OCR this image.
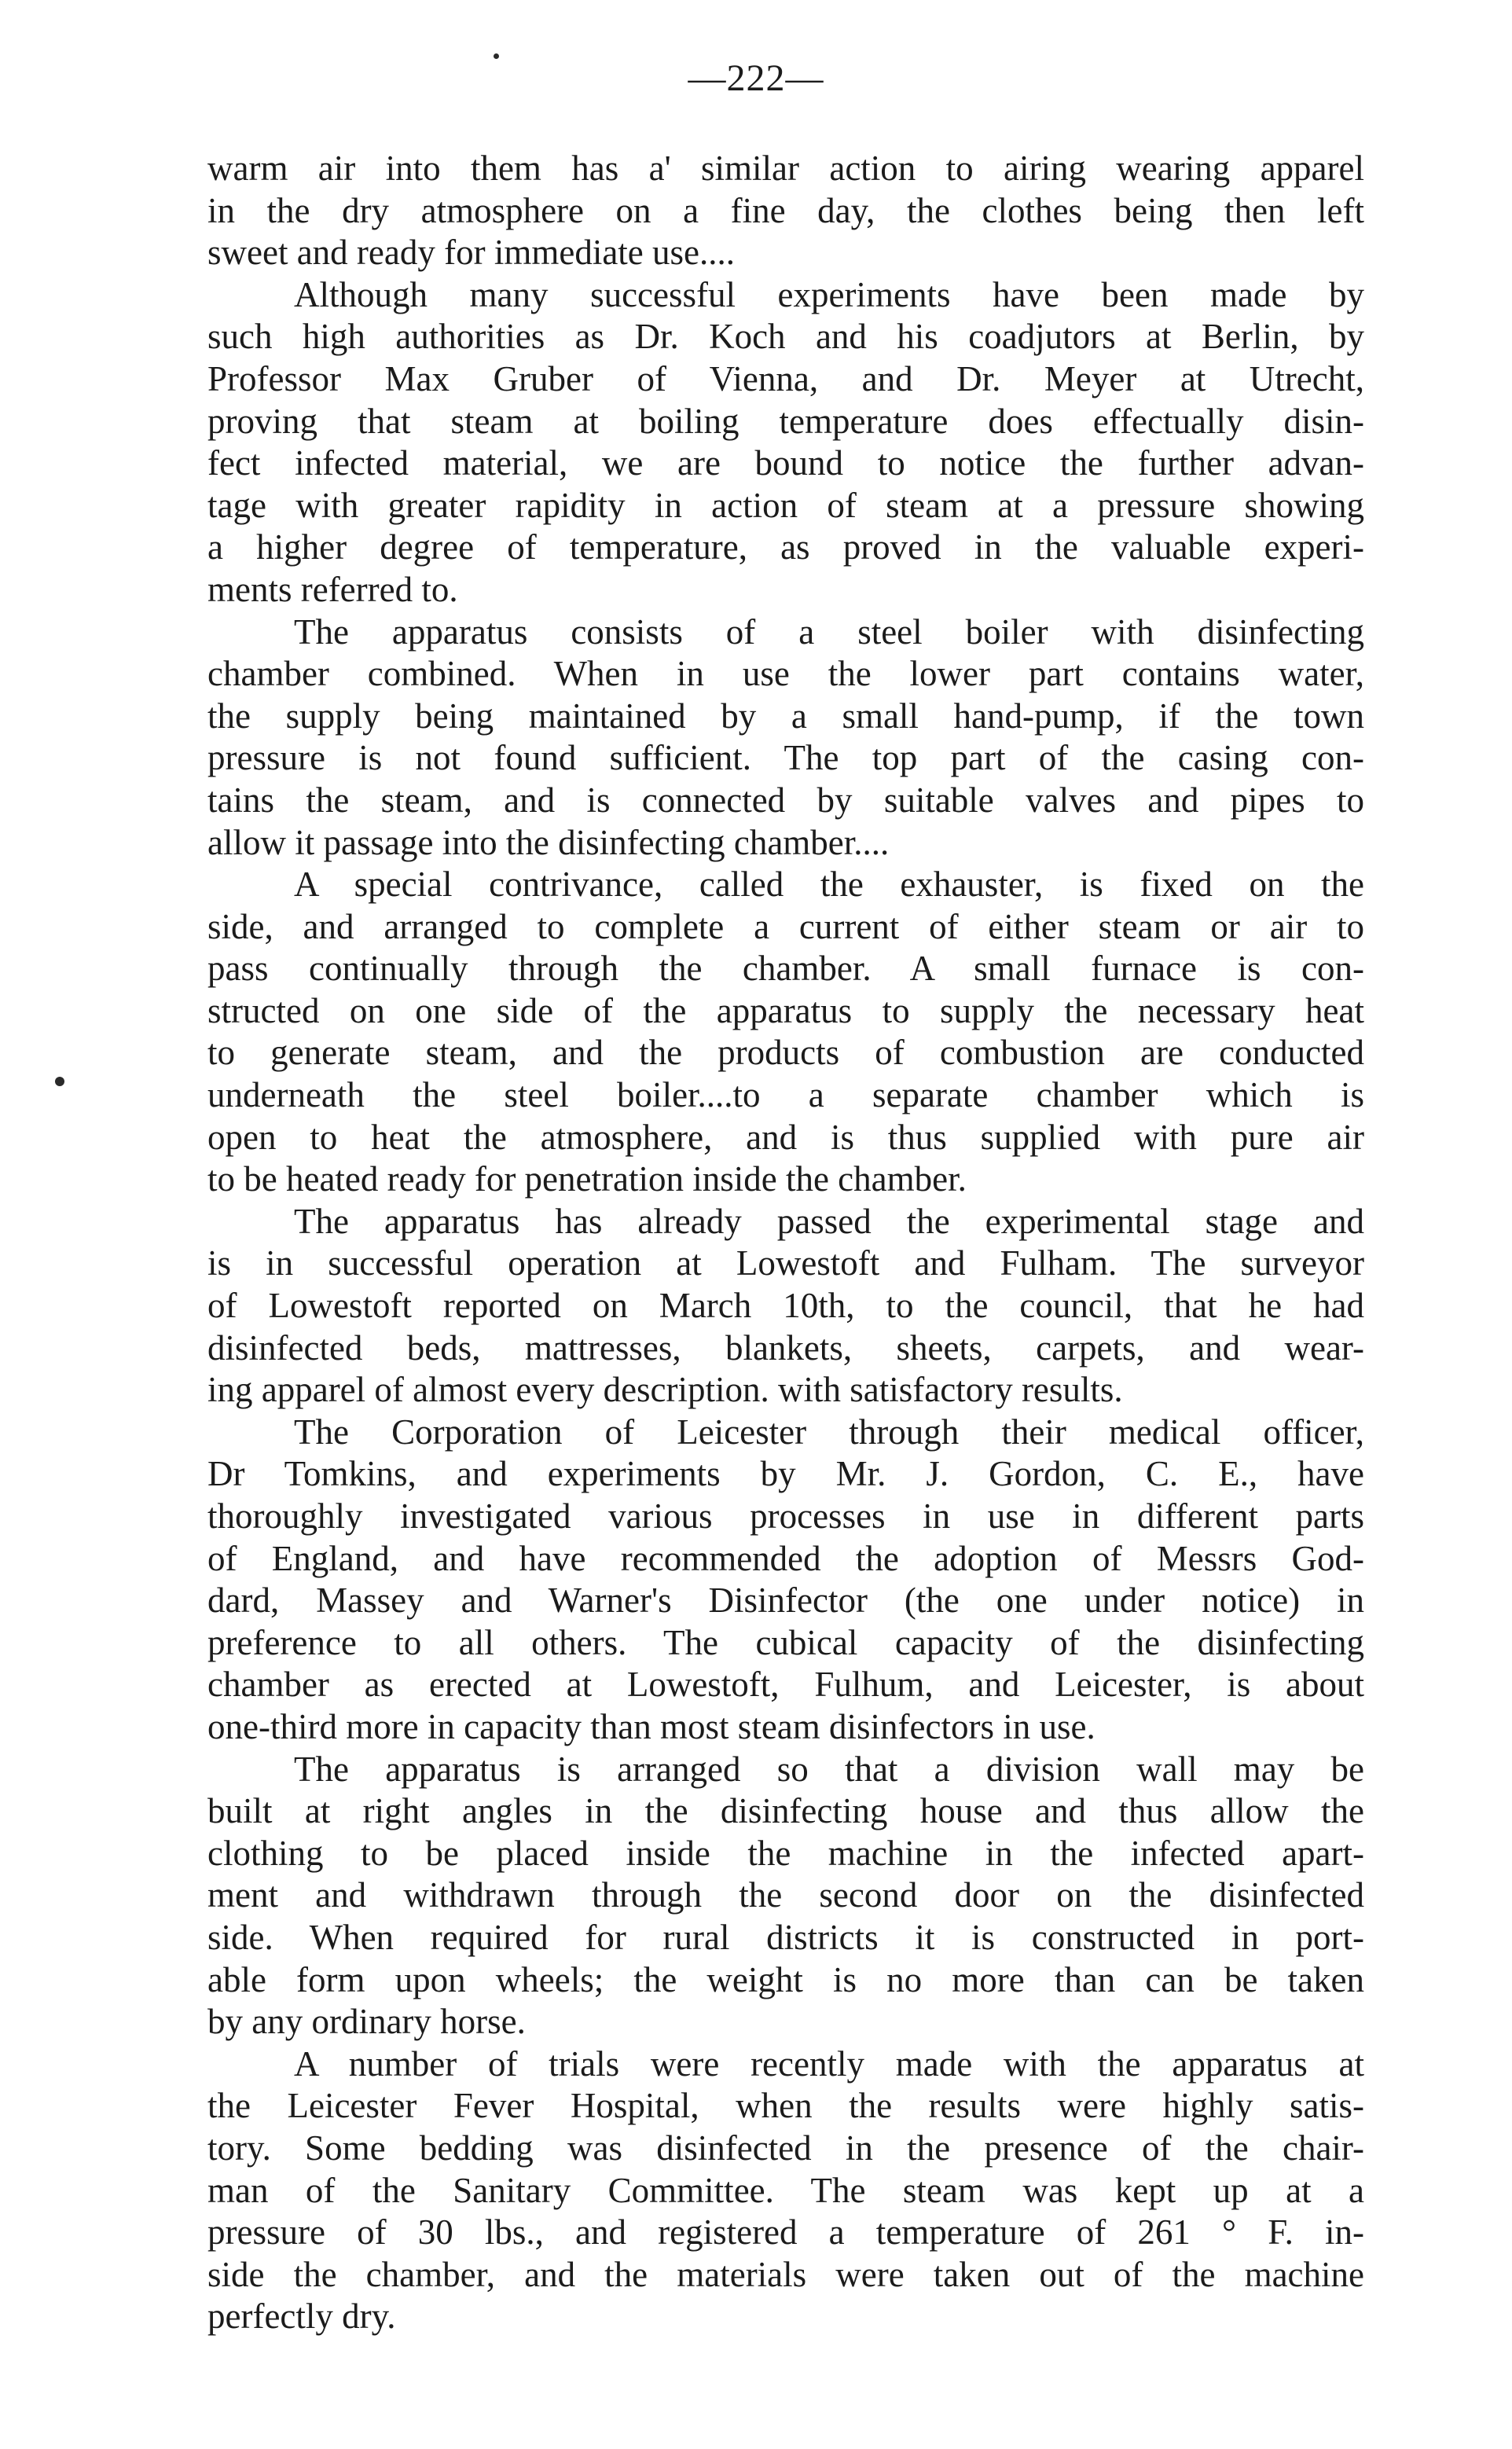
—222—
warm air into them has a' similar action to airing wearing apparel
in the dry atmosphere on a fine day, the clothes being then left
sweet and ready for immediate use....
Although many successful experiments have been made by
such high authorities as Dr. Koch and his coadjutors at Berlin, by
Professor Max Gruber of Vienna, and Dr. Meyer at Utrecht,
proving that steam at boiling temperature does effectually disin-
fect infected material, we are bound to notice the further advan-
tage with greater rapidity in action of steam at a pressure showing
a higher degree of temperature, as proved in the valuable experi-
ments referred to.
The apparatus consists of a steel boiler with disinfecting
chamber combined. When in use the lower part contains water,
the supply being maintained by a small hand-pump, if the town
pressure is not found sufficient. The top part of the casing con-
tains the steam, and is connected by suitable valves and pipes to
allow it passage into the disinfecting chamber....
A special contrivance, called the exhauster, is fixed on the
side, and arranged to complete a current of either steam or air to
pass continually through the chamber. A small furnace is con-
structed on one side of the apparatus to supply the necessary heat
to generate steam, and the products of combustion are conducted
underneath the steel boiler....to a separate chamber which is
open to heat the atmosphere, and is thus supplied with pure air
to be heated ready for penetration inside the chamber.
The apparatus has already passed the experimental stage and
is in successful operation at Lowestoft and Fulham. The surveyor
of Lowestoft reported on March 10th, to the council, that he had
disinfected beds, mattresses, blankets, sheets, carpets, and wear-
ing apparel of almost every description. with satisfactory results.
The Corporation of Leicester through their medical officer,
Dr Tomkins, and experiments by Mr. J. Gordon, C. E., have
thoroughly investigated various processes in use in different parts
of England, and have recommended the adoption of Messrs God-
dard, Massey and Warner's Disinfector (the one under notice) in
preference to all others. The cubical capacity of the disinfecting
chamber as erected at Lowestoft, Fulhum, and Leicester, is about
one-third more in capacity than most steam disinfectors in use.
The apparatus is arranged so that a division wall may be
built at right angles in the disinfecting house and thus allow the
clothing to be placed inside the machine in the infected apart-
ment and withdrawn through the second door on the disinfected
side. When required for rural districts it is constructed in port-
able form upon wheels; the weight is no more than can be taken
by any ordinary horse.
A number of trials were recently made with the apparatus at
the Leicester Fever Hospital, when the results were highly satis-
tory. Some bedding was disinfected in the presence of the chair-
man of the Sanitary Committee. The steam was kept up at a
pressure of 30 lbs., and registered a temperature of 261 ° F. in-
side the chamber, and the materials were taken out of the machine
perfectly dry.
